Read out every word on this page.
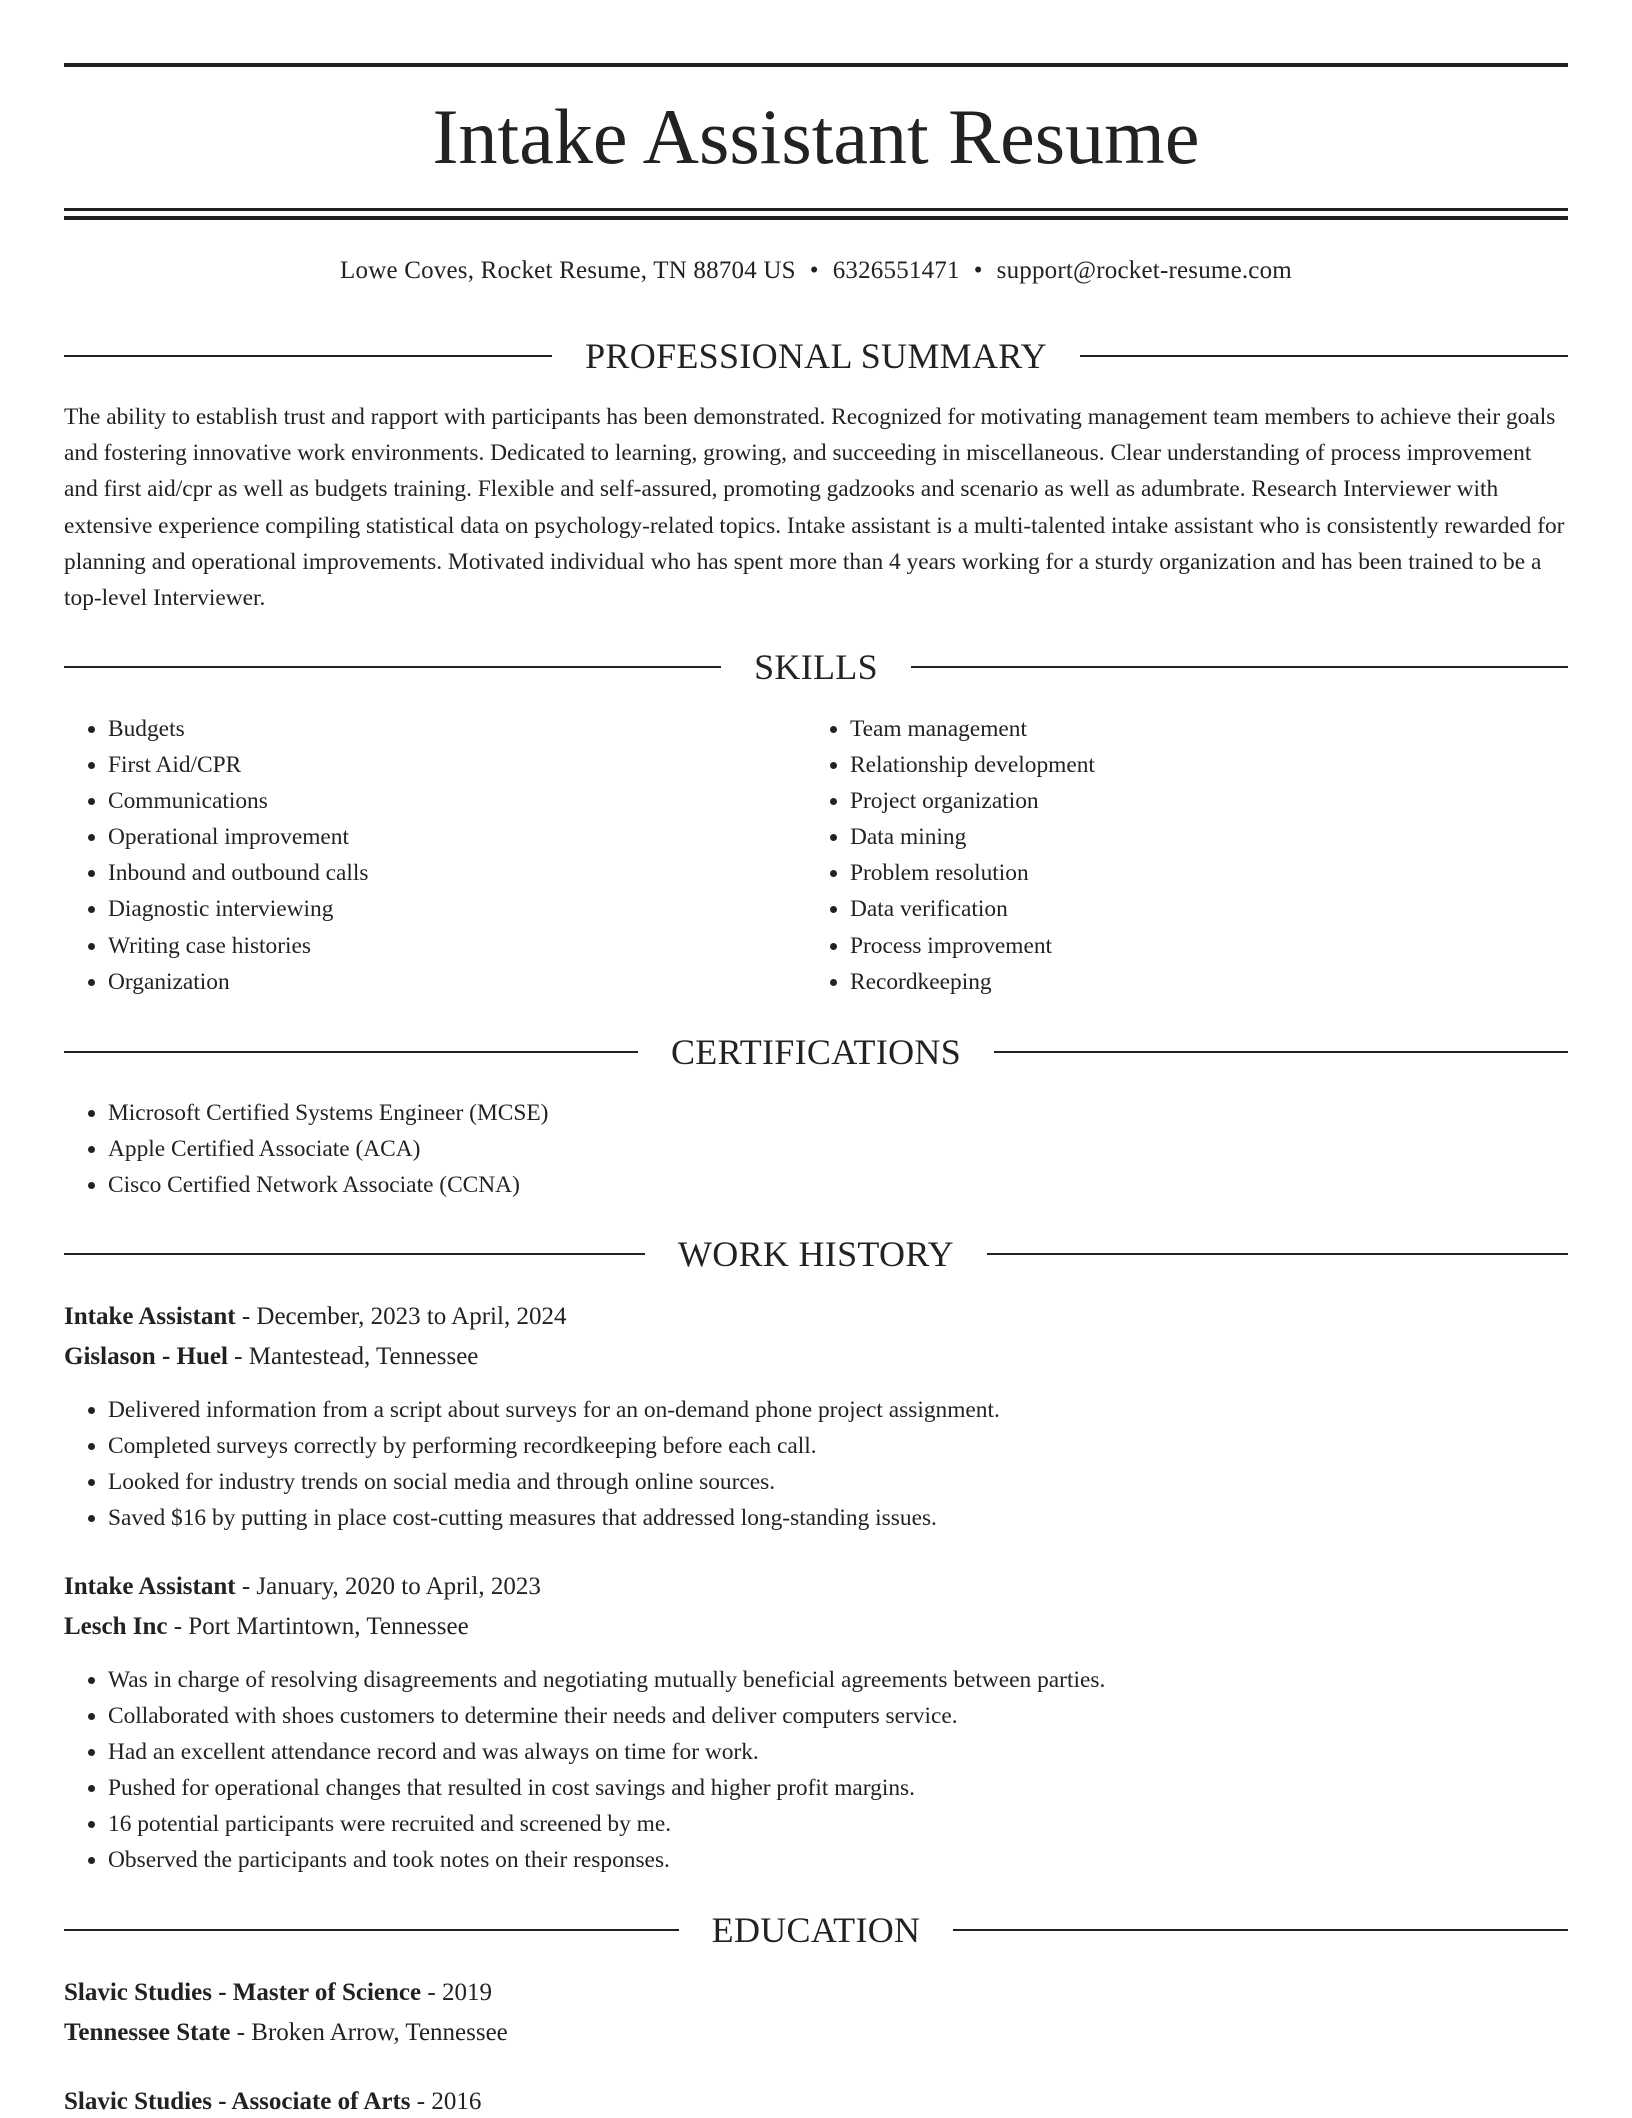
Intake Assistant Resume
Lowe Coves, Rocket Resume, TN 88704 US • 6326551471 • support@rocket-resume.com
PROFESSIONAL SUMMARY

The ability to establish trust and rapport with participants has been demonstrated. Recognized for motivating management team members to achieve their goals and fostering innovative work environments. Dedicated to learning, growing, and succeeding in miscellaneous. Clear understanding of process improvement and first aid/cpr as well as budgets training. Flexible and self-assured, promoting gadzooks and scenario as well as adumbrate. Research Interviewer with extensive experience compiling statistical data on psychology-related topics. Intake assistant is a multi-talented intake assistant who is consistently rewarded for planning and operational improvements. Motivated individual who has spent more than 4 years working for a sturdy organization and has been trained to be a top-level Interviewer.

SKILLS
• Budgets
• First Aid/CPR
• Communications
• Operational improvement
• Inbound and outbound calls
• Diagnostic interviewing
• Writing case histories
• Organization
• Team management
• Relationship development
• Project organization
• Data mining
• Problem resolution
• Data verification
• Process improvement
• Recordkeeping
CERTIFICATIONS
• Microsoft Certified Systems Engineer (MCSE)
• Apple Certified Associate (ACA)
• Cisco Certified Network Associate (CCNA)
WORK HISTORY
Intake Assistant - December, 2023 to April, 2024
Gislason - Huel - Mantestead, Tennessee
• Delivered information from a script about surveys for an on-demand phone project assignment.
• Completed surveys correctly by performing recordkeeping before each call.
• Looked for industry trends on social media and through online sources.
• Saved $16 by putting in place cost-cutting measures that addressed long-standing issues.
Intake Assistant - January, 2020 to April, 2023
Lesch Inc - Port Martintown, Tennessee
• Was in charge of resolving disagreements and negotiating mutually beneficial agreements between parties.
• Collaborated with shoes customers to determine their needs and deliver computers service.
• Had an excellent attendance record and was always on time for work.
• Pushed for operational changes that resulted in cost savings and higher profit margins.
• 16 potential participants were recruited and screened by me.
• Observed the participants and took notes on their responses.
EDUCATION
Slavic Studies - Master of Science - 2019
Tennessee State - Broken Arrow, Tennessee
Slavic Studies - Associate of Arts - 2016
